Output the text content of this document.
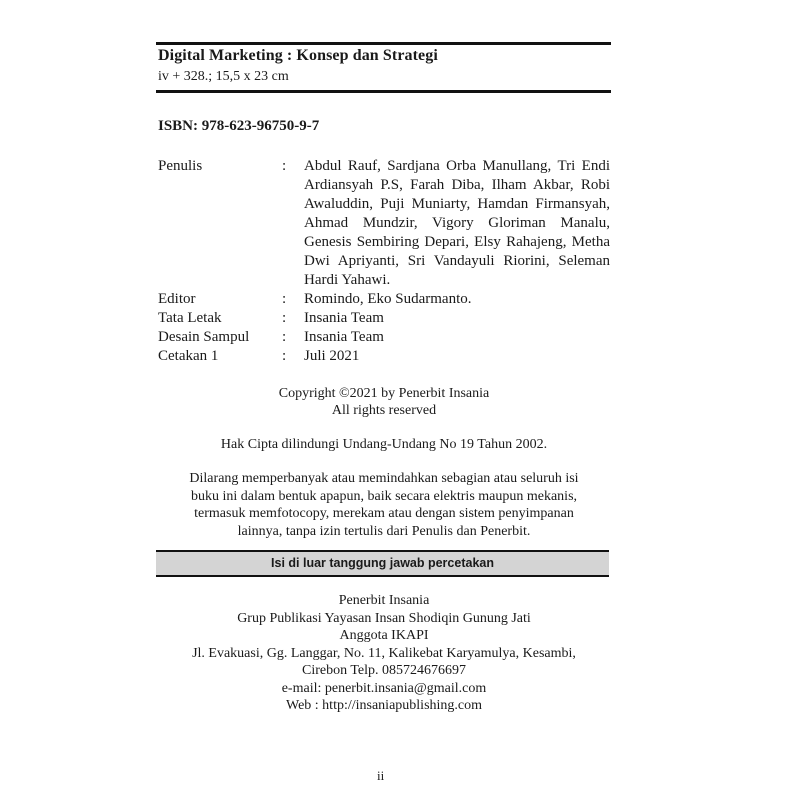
Digital Marketing : Konsep dan Strategi
iv + 328.; 15,5 x 23 cm
ISBN: 978-623-96750-9-7
Penulis	:	Abdul Rauf, Sardjana Orba Manullang, Tri Endi Ardiansyah P.S, Farah Diba, Ilham Akbar, Robi Awaluddin, Puji Muniarty, Hamdan Firmansyah, Ahmad Mundzir, Vigory Gloriman Manalu, Genesis Sembiring Depari, Elsy Rahajeng, Metha Dwi Apriyanti, Sri Vandayuli Riorini, Seleman Hardi Yahawi.
Editor	:	Romindo, Eko Sudarmanto.
Tata Letak	:	Insania Team
Desain Sampul	:	Insania Team
Cetakan 1	:	Juli 2021
Copyright ©2021 by Penerbit Insania
All rights reserved
Hak Cipta dilindungi Undang-Undang No 19 Tahun 2002.
Dilarang memperbanyak atau memindahkan sebagian atau seluruh isi
buku ini dalam bentuk apapun, baik secara elektris maupun mekanis,
termasuk memfotocopy, merekam atau dengan sistem penyimpanan
lainnya, tanpa izin tertulis dari Penulis dan Penerbit.
Isi di luar tanggung jawab percetakan
Penerbit Insania
Grup Publikasi Yayasan Insan Shodiqin Gunung Jati
Anggota IKAPI
Jl. Evakuasi, Gg. Langgar, No. 11, Kalikebat Karyamulya, Kesambi,
Cirebon Telp. 085724676697
e-mail: penerbit.insania@gmail.com
Web : http://insaniapublishing.com
ii
